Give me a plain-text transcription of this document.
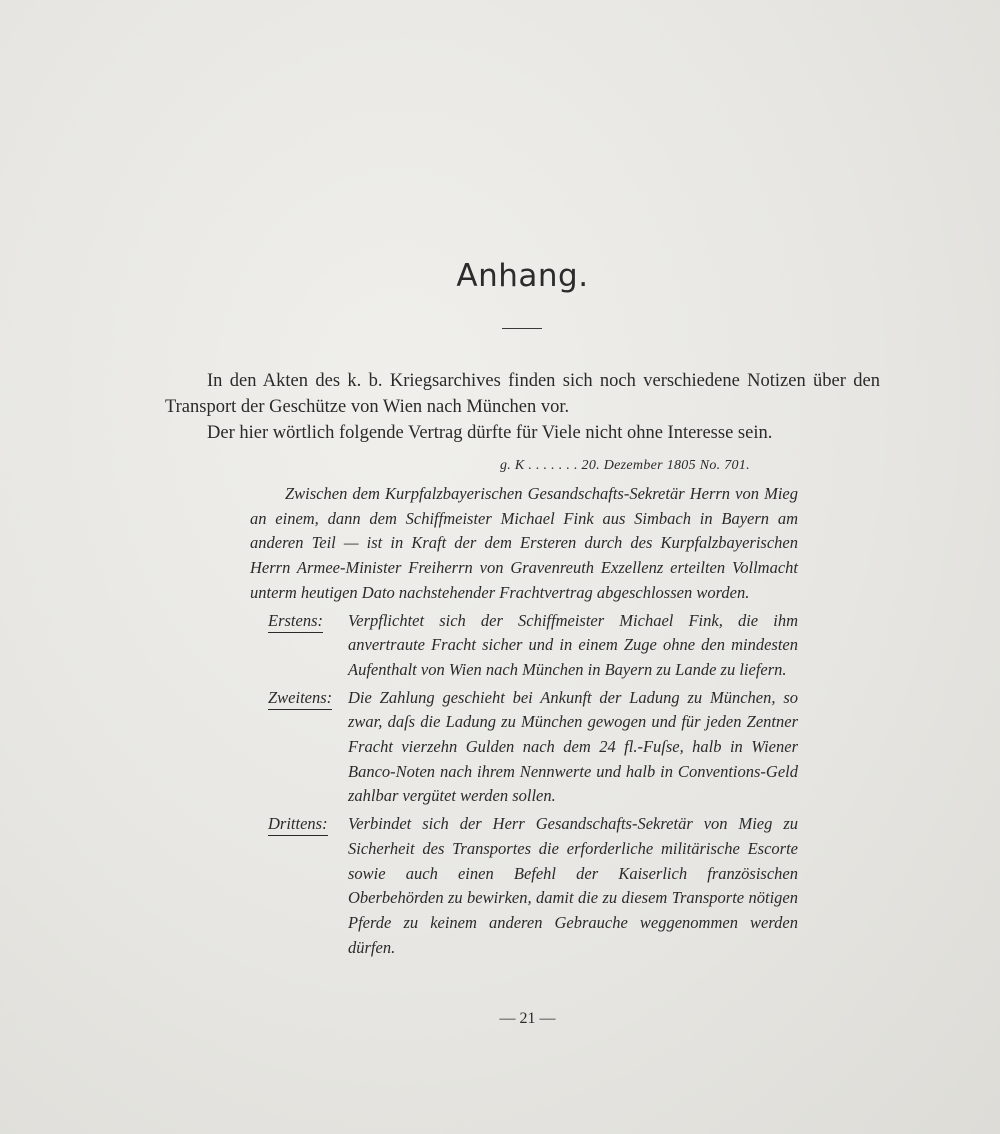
Anhang.

In den Akten des k. b. Kriegsarchives finden sich noch verschiedene Notizen über den Transport der Geschütze von Wien nach München vor.

Der hier wörtlich folgende Vertrag dürfte für Viele nicht ohne Interesse sein.

g. K . . . . . . . 20. Dezember 1805 No. 701.

Zwischen dem Kurpfalzbayerischen Gesandschafts-Sekretär Herrn von Mieg an einem, dann dem Schiffmeister Michael Fink aus Simbach in Bayern am anderen Teil — ist in Kraft der dem Ersteren durch des Kurpfalzbayerischen Herrn Armee-Minister Freiherrn von Gravenreuth Exzellenz erteilten Vollmacht unterm heutigen Dato nachstehender Frachtvertrag abgeschlossen worden.

Erstens:	Verpflichtet sich der Schiffmeister Michael Fink, die ihm anvertraute Fracht sicher und in einem Zuge ohne den mindesten Aufenthalt von Wien nach München in Bayern zu Lande zu liefern.
Zweitens: Die Zahlung geschieht bei Ankunft der Ladung zu München, so zwar, daſs die Ladung zu München gewogen und für jeden Zentner Fracht vierzehn Gulden nach dem 24 fl.-Fuſse, halb in Wiener Banco-Noten nach ihrem Nennwerte und halb in Conventions-Geld zahlbar vergütet werden sollen.
Drittens:	Verbindet sich der Herr Gesandschafts-Sekretär von Mieg zu Sicherheit des Transportes die erforderliche militärische Escorte sowie auch einen Befehl der Kaiserlich französischen Oberbehörden zu bewirken, damit die zu diesem Transporte nötigen Pferde zu keinem anderen Gebrauche weggenommen werden dürfen.
— 21 —
